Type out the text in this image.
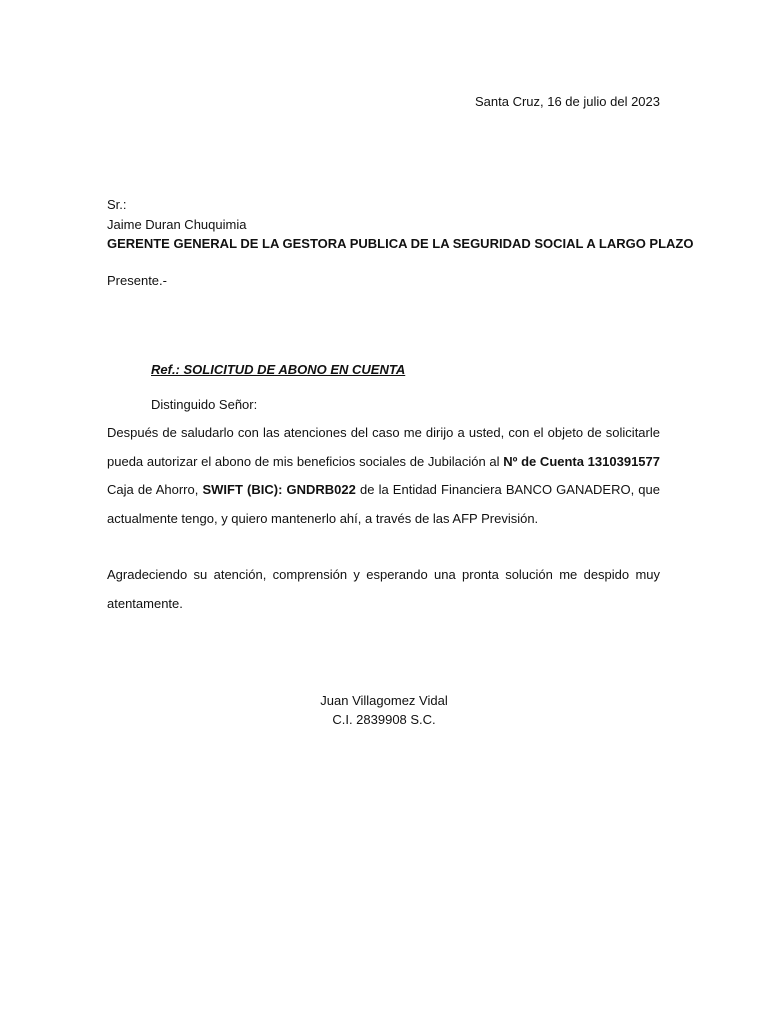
Santa Cruz, 16 de julio del 2023
Sr.:
Jaime Duran Chuquimia
GERENTE GENERAL DE LA GESTORA PUBLICA DE LA SEGURIDAD SOCIAL A LARGO PLAZO
Presente.-
Ref.: SOLICITUD DE ABONO EN CUENTA
Distinguido Señor:
Después de saludarlo con las atenciones del caso me dirijo a usted, con el objeto de solicitarle pueda autorizar el abono de mis beneficios sociales de Jubilación al Nº de Cuenta 1310391577 Caja de Ahorro, SWIFT (BIC): GNDRB022 de la Entidad Financiera BANCO GANADERO, que actualmente tengo, y quiero mantenerlo ahí, a través de las AFP Previsión.
Agradeciendo su atención, comprensión y esperando una pronta solución me despido muy atentamente.
Juan Villagomez Vidal
C.I. 2839908 S.C.
